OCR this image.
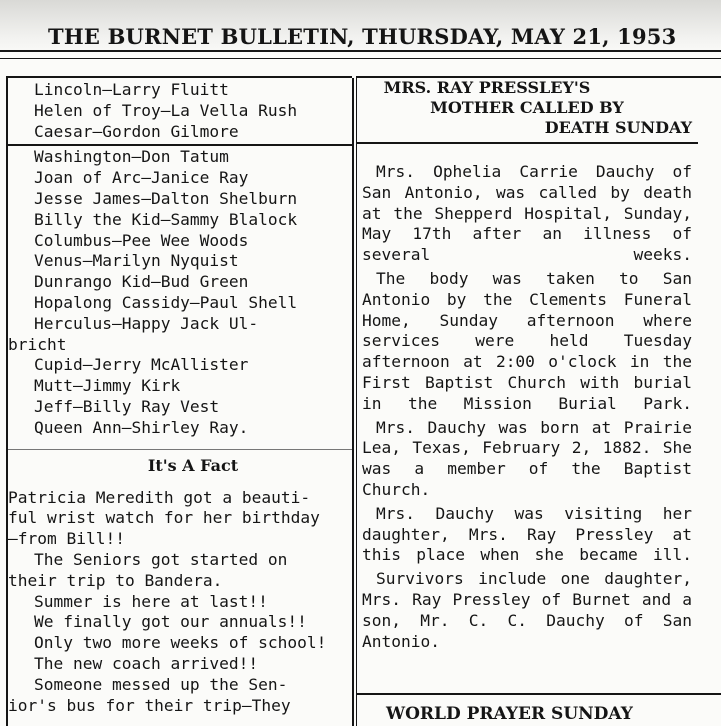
THE BURNET BULLETIN, THURSDAY, MAY 21, 1953
Lincoln—Larry Fluitt
Helen of Troy—La Vella Rush
Caesar—Gordon Gilmore
Washington—Don Tatum
Joan of Arc—Janice Ray
Jesse James—Dalton Shelburn
Billy the Kid—Sammy Blalock
Columbus—Pee Wee Woods
Venus—Marilyn Nyquist
Dunrango Kid—Bud Green
Hopalong Cassidy—Paul Shell
Herculus—Happy Jack Ul-
bricht
Cupid—Jerry McAllister
Mutt—Jimmy Kirk
Jeff—Billy Ray Vest
Queen Ann—Shirley Ray.
It's A Fact
Patricia Meredith got a beauti-
ful wrist watch for her birthday
—from Bill!!
The Seniors got started on
their trip to Bandera.
Summer is here at last!!
We finally got our annuals!!
Only two more weeks of school!
The new coach arrived!!
Someone messed up the Sen-
ior's bus for their trip—They
MRS. RAY PRESSLEY'S
MOTHER CALLED BY
DEATH SUNDAY

Mrs. Ophelia Carrie Dauchy of San Antonio, was called by death at the Shepperd Hospital, Sunday, May 17th after an illness of several weeks.

The body was taken to San Antonio by the Clements Funeral Home, Sunday afternoon where services were held Tuesday afternoon at 2:00 o'clock in the First Baptist Church with burial in the Mission Burial Park.

Mrs. Dauchy was born at Prairie Lea, Texas, February 2, 1882. She was a member of the Baptist Church.

Mrs. Dauchy was visiting her daughter, Mrs. Ray Pressley at this place when she became ill.

Survivors include one daughter, Mrs. Ray Pressley of Burnet and a son, Mr. C. C. Dauchy of San Antonio.

WORLD PRAYER SUNDAY
